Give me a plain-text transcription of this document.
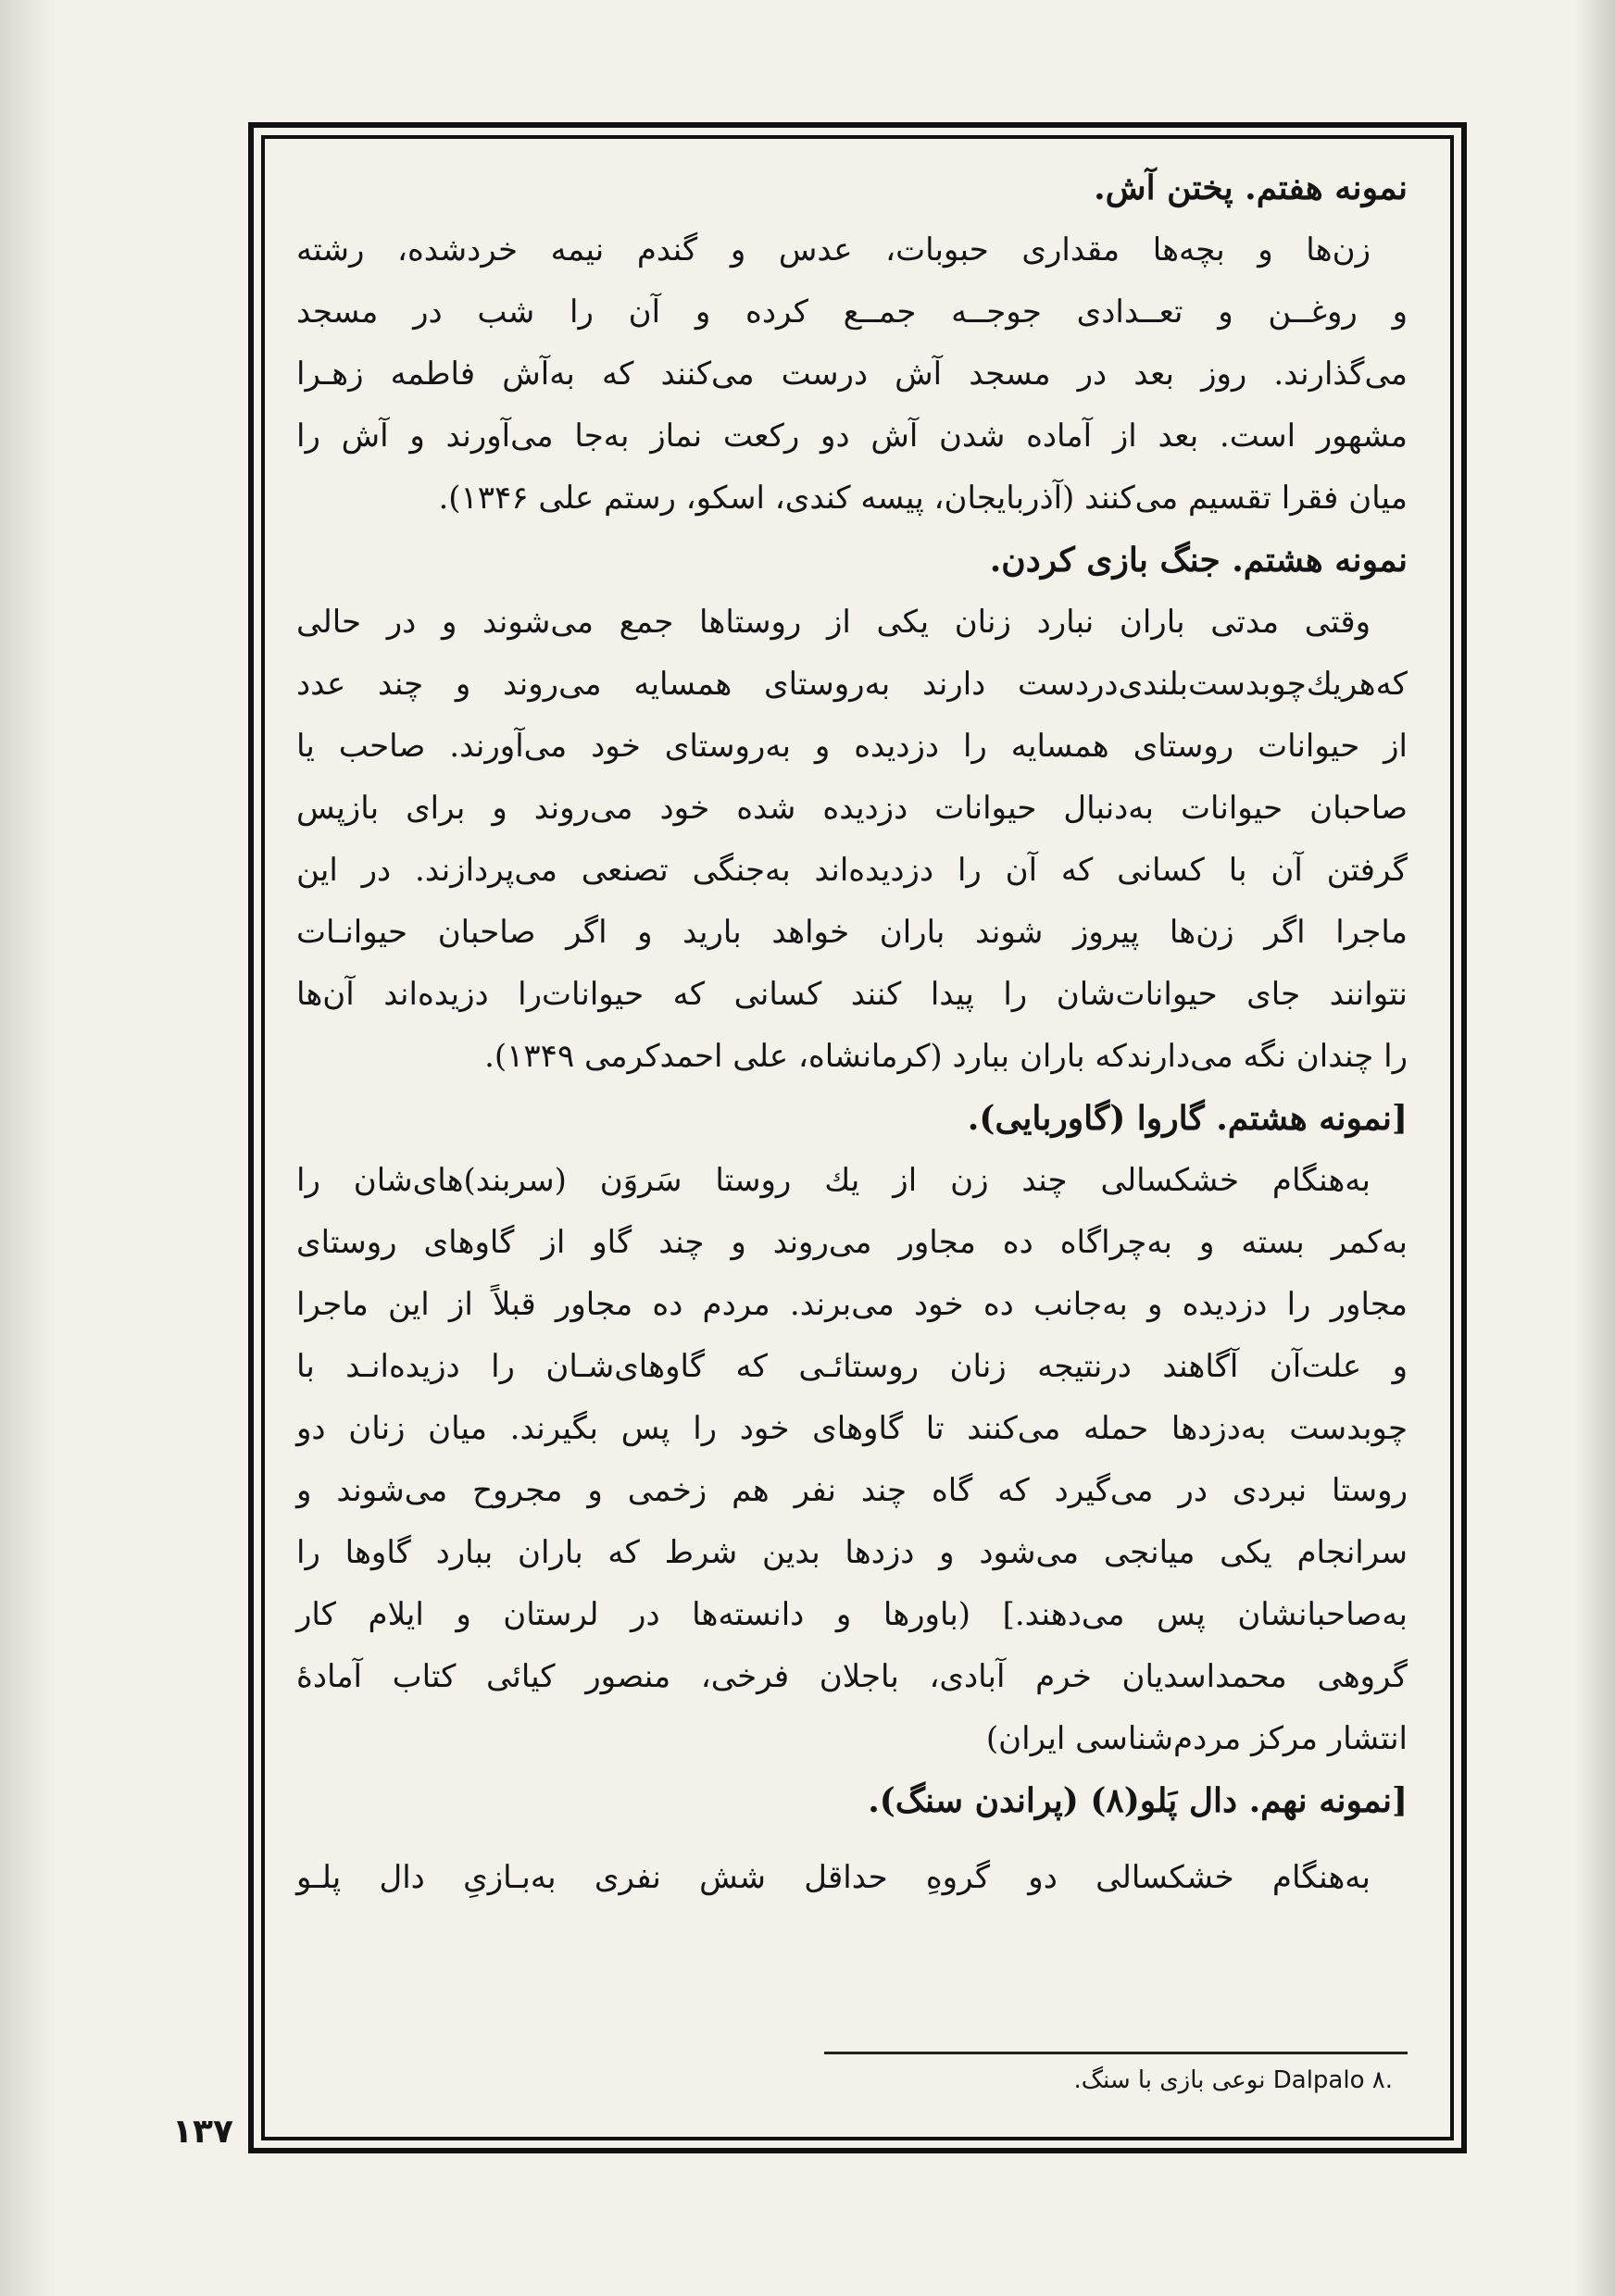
نمونه هفتم. پختن آش.
زن‌ها و بچه‌ها مقداری حبوبات، عدس و گندم نیمه خردشده، رشته
و روغــن و تعــدادی جوجــه جمــع کرده و آن را شب در مسجد
می‌گذارند. روز بعد در مسجد آش درست می‌کنند که به‌آش فاطمه زهـرا
مشهور است. بعد از آماده شدن آش دو رکعت نماز به‌جا می‌آورند و آش را
میان فقرا تقسیم می‌کنند (آذربایجان، پیسه کندی، اسکو، رستم علی ۱۳۴۶).
نمونه هشتم. جنگ بازی کردن.
وقتی مدتی باران نبارد زنان یکی از روستاها جمع می‌شوند و در حالی
که‌هريك‌چوبدست‌بلندی‌دردست دارند به‌روستای همسایه می‌روند و چند عدد
از حیوانات روستای همسایه را دزدیده و به‌روستای خود می‌آورند. صاحب یا
صاحبان حیوانات به‌دنبال حیوانات دزدیده شده خود می‌روند و برای بازپس
گرفتن آن با کسانی که آن را دزدیده‌اند به‌جنگی تصنعی می‌پردازند. در این
ماجرا اگر زن‌ها پیروز شوند باران خواهد بارید و اگر صاحبان حیوانـات
نتوانند جای حیوانات‌شان را پیدا کنند کسانی که حیوانات‌را دزیده‌اند آن‌ها
را چندان نگه می‌دارندکه باران ببارد (کرمانشاه، علی احمدکرمی ۱۳۴۹).
[نمونه هشتم. گاروا (گاوربایی).
به‌هنگام خشکسالی چند زن از يك روستا سَروَن (سربند)های‌شان را
به‌کمر بسته و به‌چراگاه ده مجاور می‌روند و چند گاو از گاوهای روستای
مجاور را دزدیده و به‌جانب ده خود می‌برند. مردم ده مجاور قبلاً از این ماجرا
و علت‌آن آگاهند درنتیجه زنان روستائـی که گاوهای‌شـان را دزیده‌انـد با
چوبدست به‌دزدها حمله می‌کنند تا گاوهای خود را پس بگیرند. میان زنان دو
روستا نبردی در می‌گیرد که گاه چند نفر هم زخمی و مجروح می‌شوند و
سرانجام یکی میانجی می‌شود و دزدها بدین شرط که باران ببارد گاوها را
به‌صاحبانشان پس می‌دهند.] (باورها و دانسته‌ها در لرستان و ایلام کار
گروهی محمداسدیان خرم آبادی، باجلان فرخی، منصور کیائی کتاب آمادهٔ
انتشار مرکز مردم‌شناسی ایران)
[نمونه نهم. دال پَلو(۸) (پراندن سنگ).
به‌هنگام خشکسالی دو گروهِ حداقل شش نفری به‌بـازیِ دال پلـو
.۸ Dalpalo نوعی بازی با سنگ.
۱۳۷
